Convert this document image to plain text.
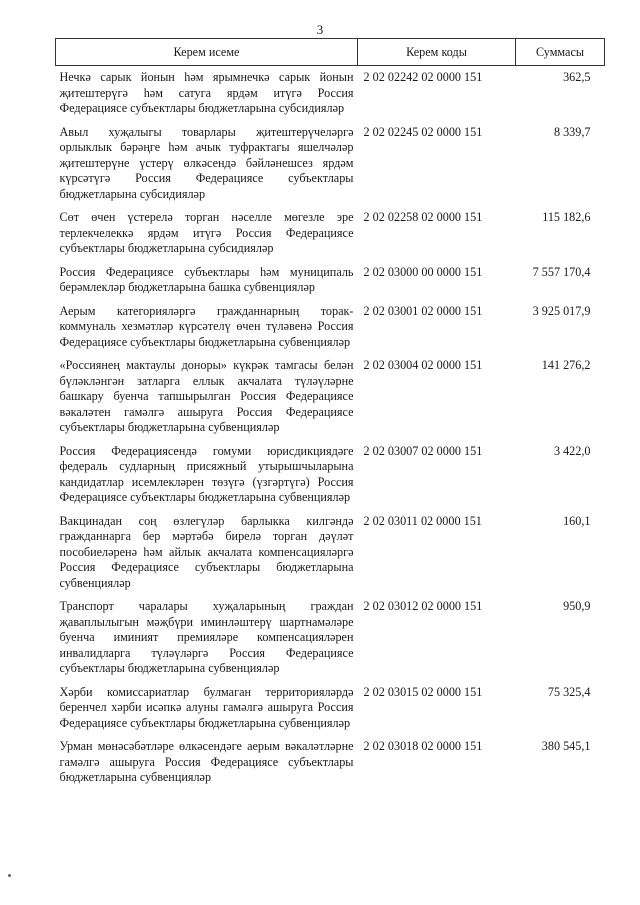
3
Керем исеме	Керем коды	Суммасы
Нечкә сарык йонын һәм ярымнечкә сарык йонын җитештерүгә һәм сатуга ярдәм итүгә Россия Федерациясе субъектлары бюджетларына субсидияләр	2 02 02242 02 0000 151	362,5
Авыл хуҗалыгы товарлары җитештерүчеләргә орлыклык бәрәңге һәм ачык туфрактагы яшелчәләр җитештерүне үстерү өлкәсендә бәйләнешсез ярдәм күрсәтүгә Россия Федерациясе субъектлары бюджетларына субсидияләр	2 02 02245 02 0000 151	8 339,7
Сөт өчен үстерелә торган нәселле мөгезле эре терлекчелеккә ярдәм итүгә Россия Федерациясе субъектлары бюджетларына субсидияләр	2 02 02258 02 0000 151	115 182,6
Россия Федерациясе субъектлары һәм муниципаль берәмлекләр бюджетларына башка субвенцияләр	2 02 03000 00 0000 151	7 557 170,4
Аерым категорияләргә гражданнарның торак-коммуналь хезмәтләр күрсәтелү өчен түләвенә Россия Федерациясе субъектлары бюджетларына субвенцияләр	2 02 03001 02 0000 151	3 925 017,9
«Россиянең мактаулы доноры» күкрәк тамгасы белән бүләкләнгән затларга еллык акчалата түләүләрне башкару буенча тапшырылган Россия Федерациясе вәкаләтен гамәлгә ашыруга Россия Федерациясе субъектлары бюджетларына субвенцияләр	2 02 03004 02 0000 151	141 276,2
Россия Федерациясендә гомуми юрисдикциядәге федераль судларның присяжный утырышчыларына кандидатлар исемлекләрен төзүгә (үзгәртүгә) Россия Федерациясе субъектлары бюджетларына субвенцияләр	2 02 03007 02 0000 151	3 422,0
Вакцинадан соң өзлегүләр барлыкка килгәндә гражданнарга бер мәртәбә бирелә торган дәүләт пособиеләренә һәм айлык акчалата компенсацияләргә Россия Федерациясе субъектлары бюджетларына субвенцияләр	2 02 03011 02 0000 151	160,1
Транспорт чаралары хуҗаларының граждан җаваплылыгын мәҗбүри иминләштерү шартнамәләре буенча иминият премияләре компенсацияләрен инвалидларга түләүләргә Россия Федерациясе субъектлары бюджетларына субвенцияләр	2 02 03012 02 0000 151	950,9
Хәрби комиссариатлар булмаган территорияләрдә беренчел хәрби исәпкә алуны гамәлгә ашыруга Россия Федерациясе субъектлары бюджетларына субвенцияләр	2 02 03015 02 0000 151	75 325,4
Урман мөнәсәбәтләре өлкәсендәге аерым вәкаләтләрне гамәлгә ашыруга Россия Федерациясе субъектлары бюджетларына субвенцияләр	2 02 03018 02 0000 151	380 545,1
